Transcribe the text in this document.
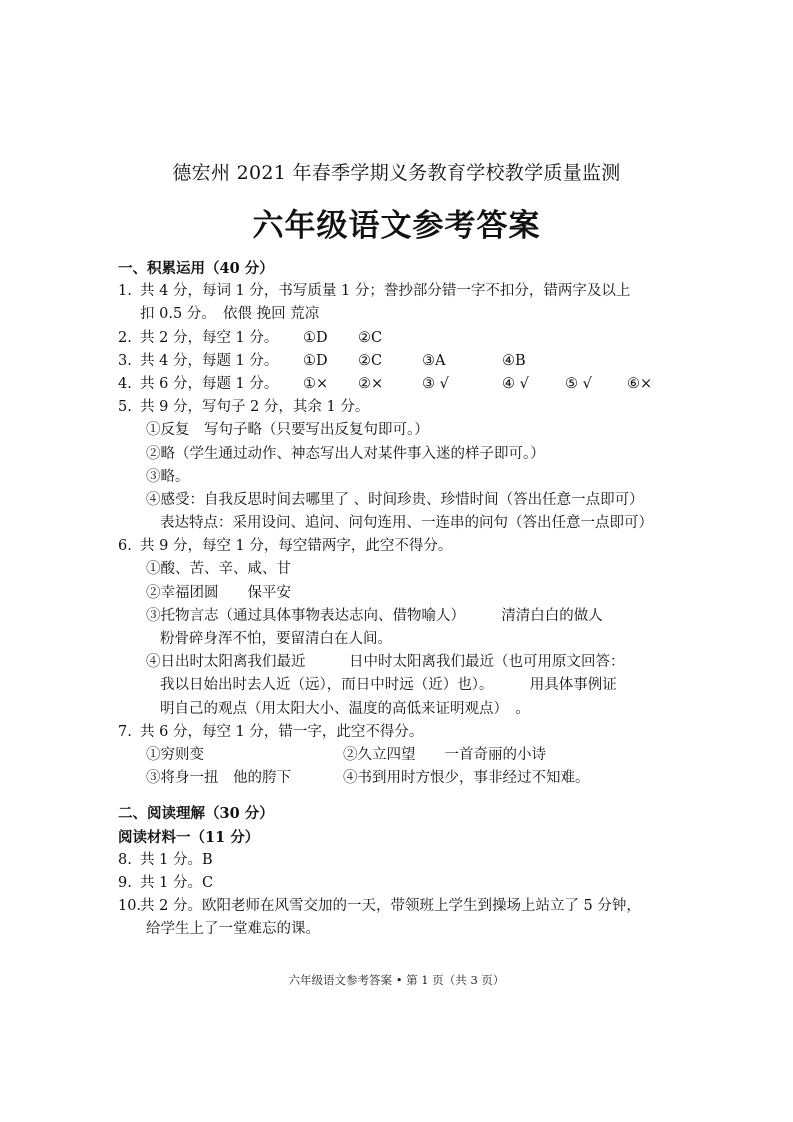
德宏州 2021 年春季学期义务教育学校教学质量监测
六年级语文参考答案
一、积累运用（40 分）
1. 共 4 分，每词 1 分，书写质量 1 分；誊抄部分错一字不扣分，错两字及以上
扣 0.5 分。　依偎 挽回 荒凉
2. 共 2 分，每空 1 分。 ①D ②C
3. 共 4 分，每题 1 分。 ①D ②C	③A	④B
4. 共 6 分，每题 1 分。 ①× ②×	③ √	④ √ ⑤ √ ⑥×
5. 共 9 分，写句子 2 分，其余 1 分。
①反复　写句子略（只要写出反复句即可。）
②略（学生通过动作、神态写出人对某件事入迷的样子即可。）
③略。
④感受：自我反思时间去哪里了 、时间珍贵、珍惜时间（答出任意一点即可）
表达特点：采用设问、追问、问句连用、一连串的问句（答出任意一点即可）
6. 共 9 分，每空 1 分，每空错两字，此空不得分。
①酸、苦、辛、咸、甘
②幸福团圆　　保平安
③托物言志（通过具体事物表达志向、借物喻人）　　　清清白白的做人
粉骨碎身浑不怕，要留清白在人间。
④日出时太阳离我们最近　　　日中时太阳离我们最近（也可用原文回答：
我以日始出时去人近（远），而日中时远（近）也）。　　　用具体事例证
明自己的观点（用太阳大小、温度的高低来证明观点）　。
7. 共 6 分，每空 1 分，错一字，此空不得分。
①穷则变	②久立四望　　一首奇丽的小诗
③将身一扭　他的胯下	④书到用时方恨少，事非经过不知难。
二、阅读理解（30 分）
阅读材料一（11 分）
8. 共 1 分。B
9. 共 1 分。C
10.
共 2 分。欧阳老师在风雪交加的一天，带领班上学生到操场上站立了 5 分钟，
给学生上了一堂难忘的课。
六年级语文参考答案 • 第 1 页（共 3 页）
